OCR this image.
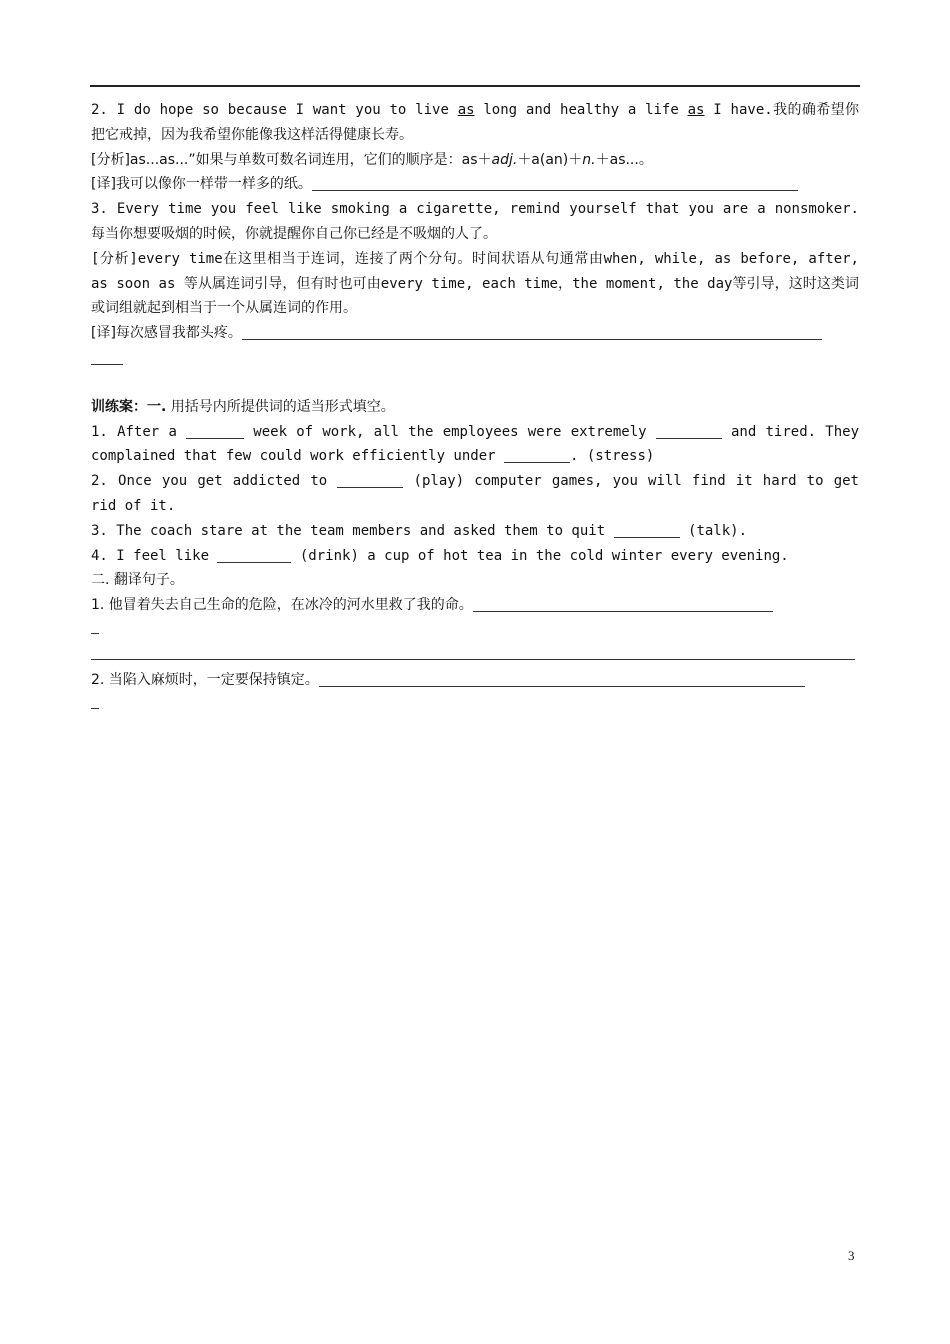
2. I do hope so because I want you to live as long and healthy a life as I have.我的确希望你把它戒掉，因为我希望你能像我这样活得健康长寿。

[分析]as...as...”如果与单数可数名词连用，它们的顺序是：as＋adj.＋a(an)＋n.＋as...。

[译]我可以像你一样带一样多的纸。

3. Every time you feel like smoking a cigarette, remind yourself that you are a nonsmoker. 每当你想要吸烟的时候，你就提醒你自己你已经是不吸烟的人了。

[分析]every time在这里相当于连词，连接了两个分句。时间状语从句通常由when, while, as before, after, as soon as 等从属连词引导，但有时也可由every time, each time，the moment, the day等引导，这时这类词或词组就起到相当于一个从属连词的作用。

[译]每次感冒我都头疼。

训练案：一. 用括号内所提供词的适当形式填空。

1. After a	week of work, all the employees were extremely	and tired. They complained that few could work efficiently under	. (stress)

2. Once you get addicted to	(play) computer games, you will find it hard to get rid of it.

3. The coach stare at the team members and asked them to quit	(talk).

4. I feel like	(drink) a cup of hot tea in the cold winter every evening.

二. 翻译句子。

1. 他冒着失去自己生命的危险，在冰冷的河水里救了我的命。

2. 当陷入麻烦时，一定要保持镇定。

3
